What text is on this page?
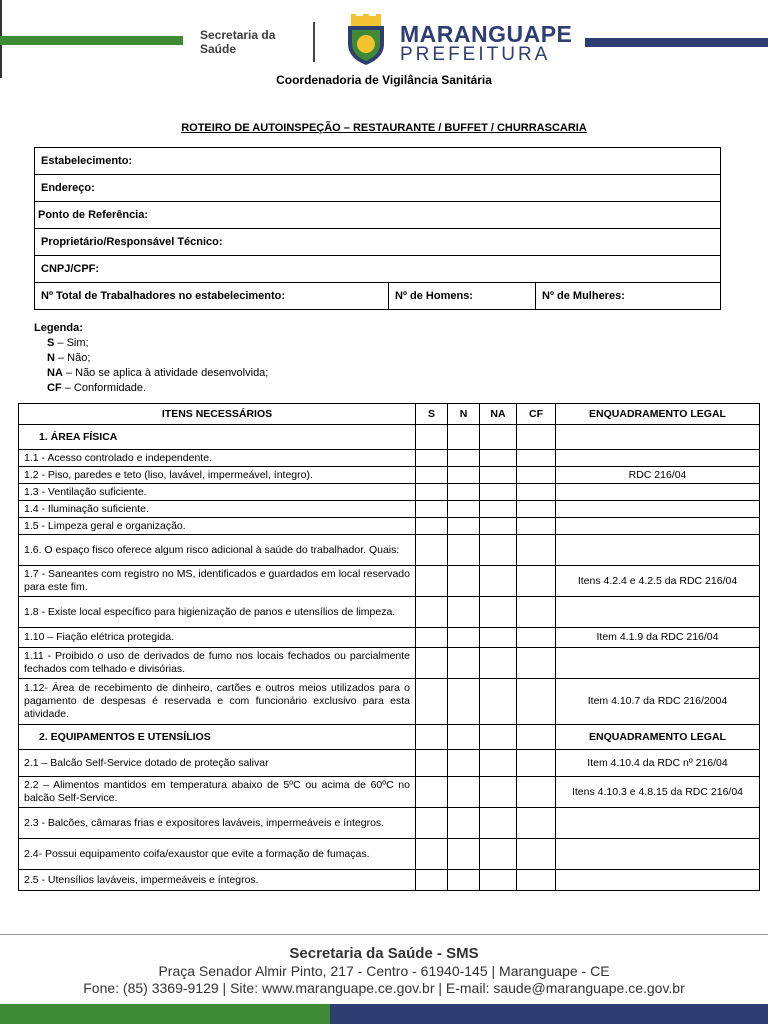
Secretaria da
Saúde
MARANGUAPE
PREFEITURA
Coordenadoria de Vigilância Sanitária
ROTEIRO DE AUTOINSPEÇÃO – RESTAURANTE / BUFFET / CHURRASCARIA
Estabelecimento:
Endereço:
Ponto de Referência:
Proprietário/Responsável Técnico:
CNPJ/CPF:
Nº Total de Trabalhadores no estabelecimento:	Nº de Homens:	Nº de Mulheres:
Legenda:
S – Sim;
N – Não;
NA – Não se aplica à atividade desenvolvida;
CF – Conformidade.
ITENS NECESSÁRIOS	S	N	NA	CF	ENQUADRAMENTO LEGAL
1. ÁREA FÍSICA					
1.1 - Acesso controlado e independente.					
1.2 - Piso, paredes e teto (liso, lavável, impermeável, íntegro).					RDC 216/04
1.3 - Ventilação suficiente.					
1.4 - Iluminação suficiente.					
1.5 - Limpeza geral e organização.					
1.6. O espaço fisco oferece algum risco adicional à saúde do trabalhador. Quais:					
1.7 - Saneantes com registro no MS, identificados e guardados em local reservado para este fim.					Itens 4.2.4 e 4.2.5 da RDC 216/04
1.8 - Existe local específico para higienização de panos e utensílios de limpeza.					
1.10 – Fiação elétrica protegida.					Item 4.1.9 da RDC 216/04
1.11 - Proibido o uso de derivados de fumo nos locais fechados ou parcialmente fechados com telhado e divisórias.					
1.12- Área de recebimento de dinheiro, cartões e outros meios utilizados para o pagamento de despesas é reservada e com funcionário exclusivo para esta atividade.					Item 4.10.7 da RDC 216/2004
2. EQUIPAMENTOS E UTENSÍLIOS					ENQUADRAMENTO LEGAL
2.1 – Balcão Self-Service dotado de proteção salivar					Item 4.10.4 da RDC nº 216/04
2.2 – Alimentos mantidos em temperatura abaixo de 5ºC ou acima de 60ºC no balcão Self-Service.					Itens 4.10.3 e 4.8.15 da RDC 216/04
2.3 - Balcões, câmaras frias e expositores laváveis, impermeáveis e íntegros.					
2.4- Possui equipamento coifa/exaustor que evite a formação de fumaças.					
2.5 - Utensílios laváveis, impermeáveis e íntegros.					
Secretaria da Saúde - SMS
Praça Senador Almir Pinto, 217 - Centro - 61940-145 | Maranguape - CE
Fone: (85) 3369-9129 | Site: www.maranguape.ce.gov.br | E-mail: saude@maranguape.ce.gov.br
